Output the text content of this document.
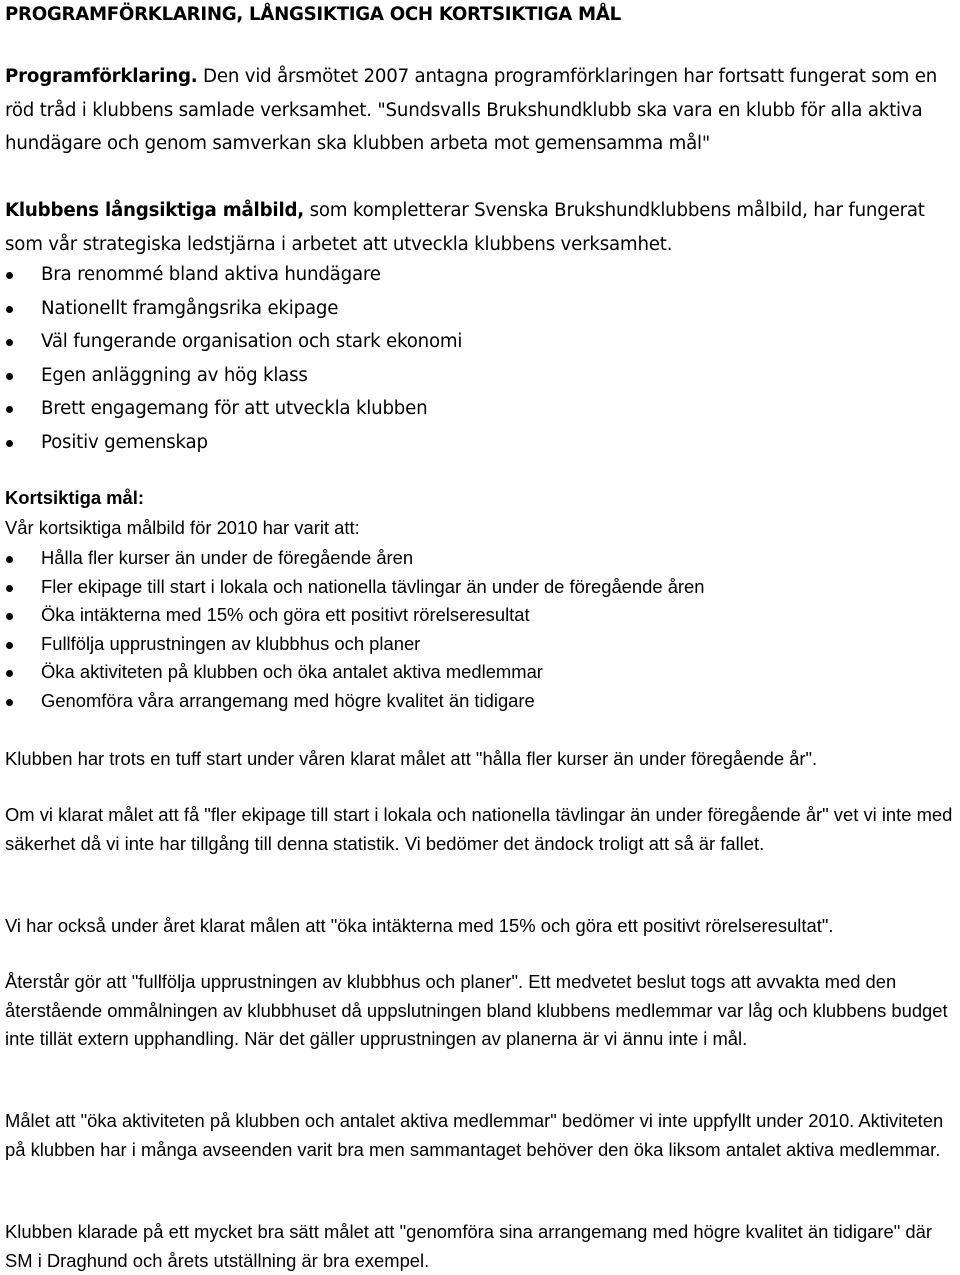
PROGRAMFÖRKLARING, LÅNGSIKTIGA OCH KORTSIKTIGA MÅL

Programförklaring. Den vid årsmötet 2007 antagna programförklaringen har fortsatt fungerat som en röd tråd i klubbens samlade verksamhet. "Sundsvalls Brukshundklubb ska vara en klubb för alla aktiva hundägare och genom samverkan ska klubben arbeta mot gemensamma mål"

Klubbens långsiktiga målbild, som kompletterar Svenska Brukshundklubbens målbild, har fungerat som vår strategiska ledstjärna i arbetet att utveckla klubbens verksamhet.

Bra renommé bland aktiva hundägare
Nationellt framgångsrika ekipage
Väl fungerande organisation och stark ekonomi
Egen anläggning av hög klass
Brett engagemang för att utveckla klubben
Positiv gemenskap
Kortsiktiga mål:
Vår kortsiktiga målbild för 2010 har varit att:
Hålla fler kurser än under de föregående åren
Fler ekipage till start i lokala och nationella tävlingar än under de föregående åren
Öka intäkterna med 15% och göra ett positivt rörelseresultat
Fullfölja upprustningen av klubbhus och planer
Öka aktiviteten på klubben och öka antalet aktiva medlemmar
Genomföra våra arrangemang med högre kvalitet än tidigare

Klubben har trots en tuff start under våren klarat målet att "hålla fler kurser än under föregående år".

Om vi klarat målet att få "fler ekipage till start i lokala och nationella tävlingar än under föregående år" vet vi inte med säkerhet då vi inte har tillgång till denna statistik. Vi bedömer det ändock troligt att så är fallet.

Vi har också under året klarat målen att "öka intäkterna med 15% och göra ett positivt rörelseresultat".

Återstår gör att "fullfölja upprustningen av klubbhus och planer". Ett medvetet beslut togs att avvakta med den återstående ommålningen av klubbhuset då uppslutningen bland klubbens medlemmar var låg och klubbens budget inte tillät extern upphandling. När det gäller upprustningen av planerna är vi ännu inte i mål.

Målet att "öka aktiviteten på klubben och antalet aktiva medlemmar" bedömer vi inte uppfyllt under 2010. Aktiviteten på klubben har i många avseenden varit bra men sammantaget behöver den öka liksom antalet aktiva medlemmar.

Klubben klarade på ett mycket bra sätt målet att "genomföra sina arrangemang med högre kvalitet än tidigare" där SM i Draghund och årets utställning är bra exempel.
